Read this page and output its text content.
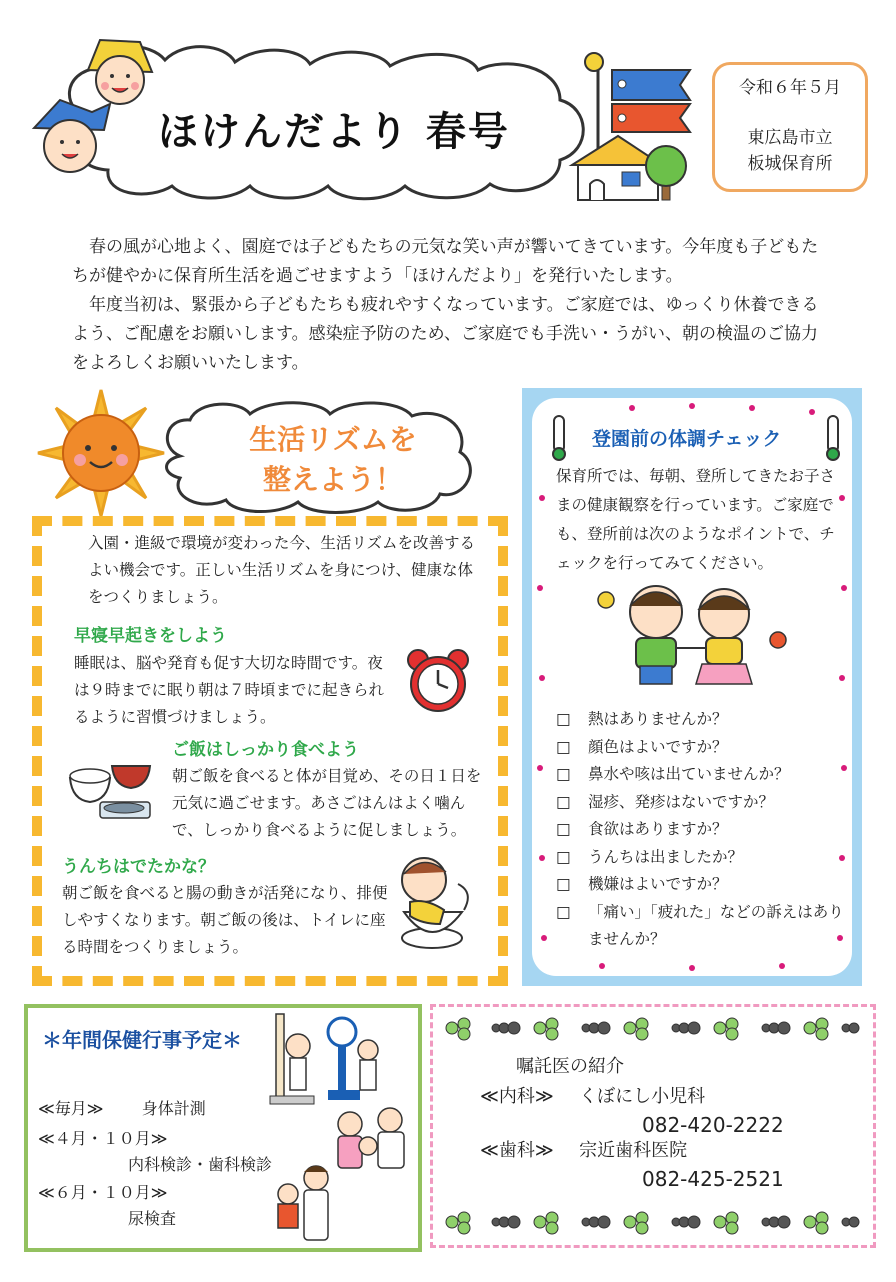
ほけんだより 春号
令和６年５月
東広島市立
板城保育所

春の風が心地よく、園庭では子どもたちの元気な笑い声が響いてきています。今年度も子どもたちが健やかに保育所生活を過ごせますよう「ほけんだより」を発行いたします。

年度当初は、緊張から子どもたちも疲れやすくなっています。ご家庭では、ゆっくり休養できるよう、ご配慮をお願いします。感染症予防のため、ご家庭でも手洗い・うがい、朝の検温のご協力をよろしくお願いいたします。

生活リズムを
整えよう！
入園・進級で環境が変わった今、生活リズムを改善するよい機会です。正しい生活リズムを身につけ、健康な体をつくりましょう。
早寝早起きをしよう
睡眠は、脳や発育も促す大切な時間です。夜は９時までに眠り朝は７時頃までに起きられるように習慣づけましょう。
ご飯はしっかり食べよう
朝ご飯を食べると体が目覚め、その日１日を元気に過ごせます。あさごはんはよく噛んで、しっかり食べるように促しましょう。
うんちはでたかな？
朝ご飯を食べると腸の動きが活発になり、排便しやすくなります。朝ご飯の後は、トイレに座る時間をつくりましょう。
登園前の体調チェック
保育所では、毎朝、登所してきたお子さまの健康観察を行っています。ご家庭でも、登所前は次のようなポイントで、チェックを行ってみてください。
□	熱はありませんか？
□	顔色はよいですか？
□	鼻水や咳は出ていませんか？
□	湿疹、発疹はないですか？
□	食欲はありますか？
□	うんちは出ましたか？
□	機嫌はよいですか？
□	「痛い」「疲れた」などの訴えはありませんか？
＊年間保健行事予定＊
≪毎月≫ 身体計測
≪４月・１０月≫
内科検診・歯科検診
≪６月・１０月≫
尿検査
嘱託医の紹介
≪内科≫ くぼにし小児科
082-420-2222
≪歯科≫ 宗近歯科医院
082-425-2521
